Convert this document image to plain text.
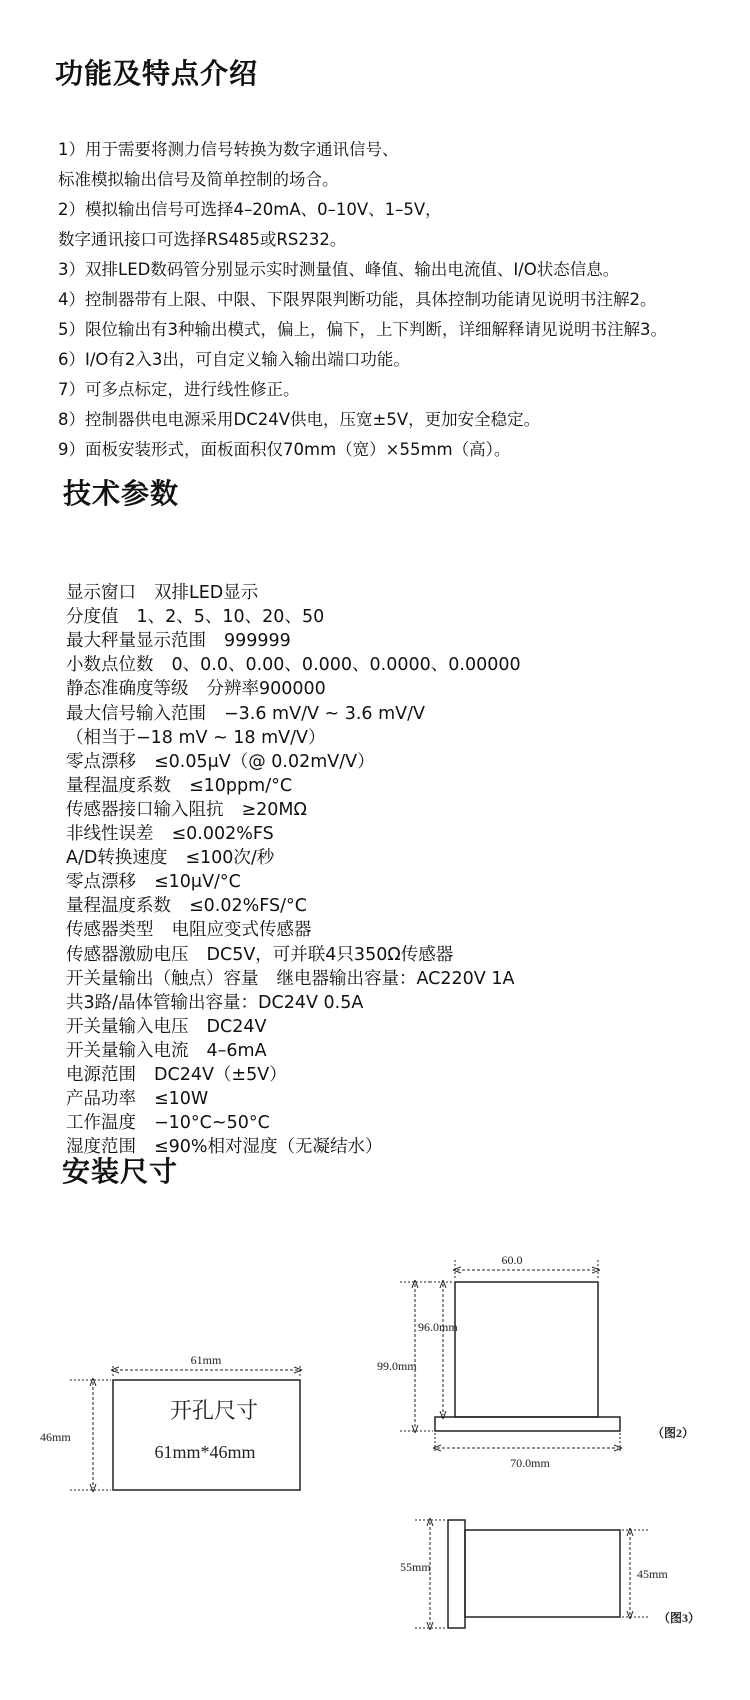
功能及特点介绍
1）用于需要将测力信号转换为数字通讯信号、
标准模拟输出信号及简单控制的场合。
2）模拟输出信号可选择4–20mA、0–10V、1–5V，
数字通讯接口可选择RS485或RS232。
3）双排LED数码管分别显示实时测量值、峰值、输出电流值、I/O状态信息。
4）控制器带有上限、中限、下限界限判断功能，具体控制功能请见说明书注解2。
5）限位输出有3种输出模式，偏上，偏下，上下判断，详细解释请见说明书注解3。
6）I/O有2入3出，可自定义输入输出端口功能。
7）可多点标定，进行线性修正。
8）控制器供电电源采用DC24V供电，压宽±5V，更加安全稳定。
9）面板安装形式，面板面积仅70mm（宽）×55mm（高）。
技术参数
显示窗口 双排LED显示
分度值 1、2、5、10、20、50
最大秤量显示范围 999999
小数点位数 0、0.0、0.00、0.000、0.0000、0.00000
静态准确度等级 分辨率900000
最大信号输入范围 −3.6 mV/V ~ 3.6 mV/V
（相当于−18 mV ~ 18 mV/V）
零点漂移 ≤0.05μV（@ 0.02mV/V）
量程温度系数 ≤10ppm/°C
传感器接口输入阻抗 ≥20MΩ
非线性误差 ≤0.002%FS
A/D转换速度 ≤100次/秒
零点漂移 ≤10μV/°C
量程温度系数 ≤0.02%FS/°C
传感器类型 电阻应变式传感器
传感器激励电压 DC5V，可并联4只350Ω传感器
开关量输出（触点）容量 继电器输出容量：AC220V 1A
共3路/晶体管输出容量：DC24V 0.5A
开关量输入电压 DC24V
开关量输入电流 4–6mA
电源范围 DC24V（±5V）
产品功率 ≤10W
工作温度 −10°C~50°C
湿度范围 ≤90%相对湿度（无凝结水）
安装尺寸
61mm
46mm
开孔尺寸
61mm*46mm
60.0
96.0mm
99.0mm
70.0mm
（图2）
55mm	45mm
（图3）
